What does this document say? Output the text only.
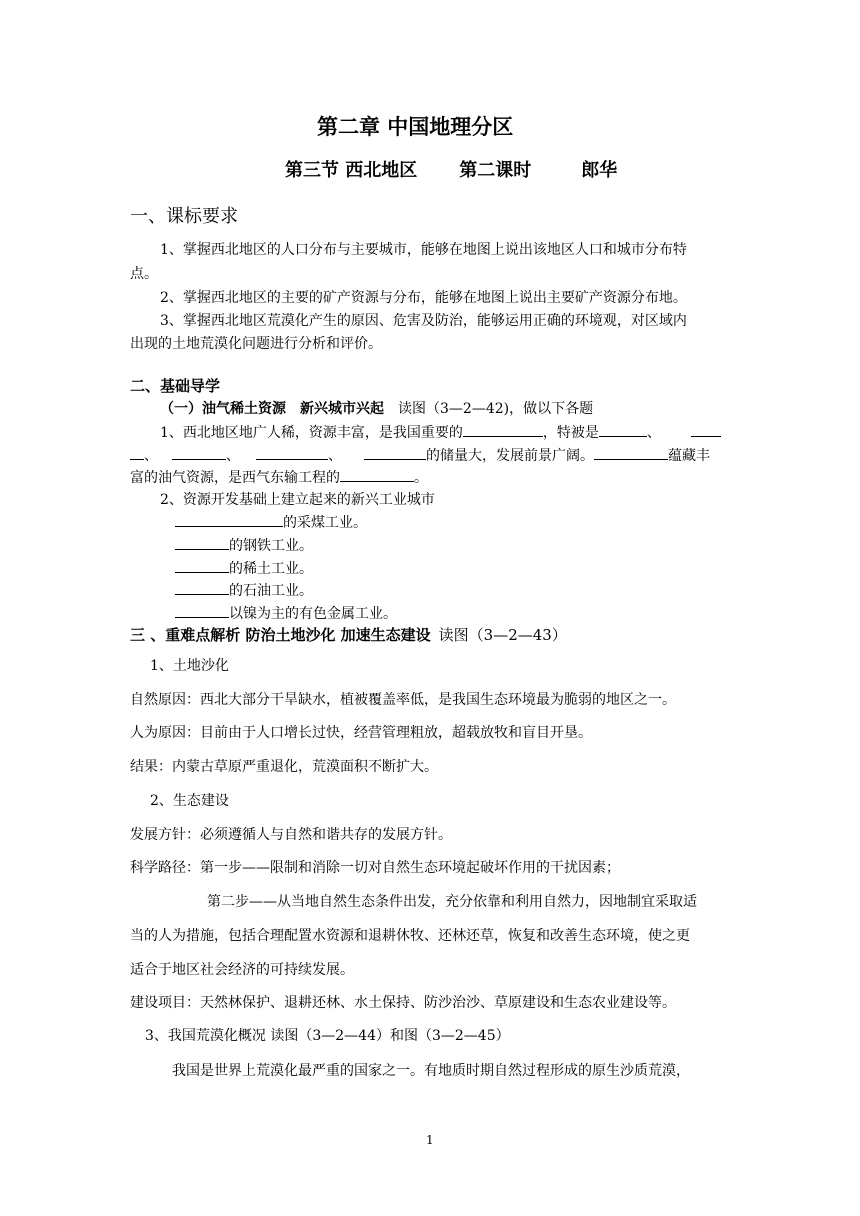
第二章 中国地理分区
第三节 西北地区 第二课时	郎华
一、课标要求
1、掌握西北地区的人口分布与主要城市，能够在地图上说出该地区人口和城市分布特
点。
2、掌握西北地区的主要的矿产资源与分布，能够在地图上说出主要矿产资源分布地。
3、掌握西北地区荒漠化产生的原因、危害及防治，能够运用正确的环境观，对区域内
出现的土地荒漠化问题进行分析和评价。
二、基础导学
（一）油气稀土资源　新兴城市兴起 读图（3—2—42)，做以下各题
1、西北地区地广人稀，资源丰富，是我国重要的	，特被是	、
、	、	、	的储量大，发展前景广阔。	蕴藏丰
富的油气资源，是西气东输工程的	。
2、资源开发基础上建立起来的新兴工业城市
的采煤工业。
的钢铁工业。
的稀土工业。
的石油工业。
以镍为主的有色金属工业。
三 、重难点解析 防治土地沙化 加速生态建设 读图（3—2—43）
1、土地沙化
自然原因：西北大部分干旱缺水，植被覆盖率低，是我国生态环境最为脆弱的地区之一。
人为原因：目前由于人口增长过快，经营管理粗放，超载放牧和盲目开垦。
结果：内蒙古草原严重退化，荒漠面积不断扩大。
2、生态建设
发展方针：必须遵循人与自然和谐共存的发展方针。
科学路径：第一步——限制和消除一切对自然生态环境起破坏作用的干扰因素；
第二步——从当地自然生态条件出发，充分依靠和利用自然力，因地制宜采取适
当的人为措施，包括合理配置水资源和退耕休牧、还林还草，恢复和改善生态环境，使之更
适合于地区社会经济的可持续发展。
建设项目：天然林保护、退耕还林、水土保持、防沙治沙、草原建设和生态农业建设等。
3、我国荒漠化概况 读图（3—2—44）和图（3—2—45）
我国是世界上荒漠化最严重的国家之一。有地质时期自然过程形成的原生沙质荒漠，
1
